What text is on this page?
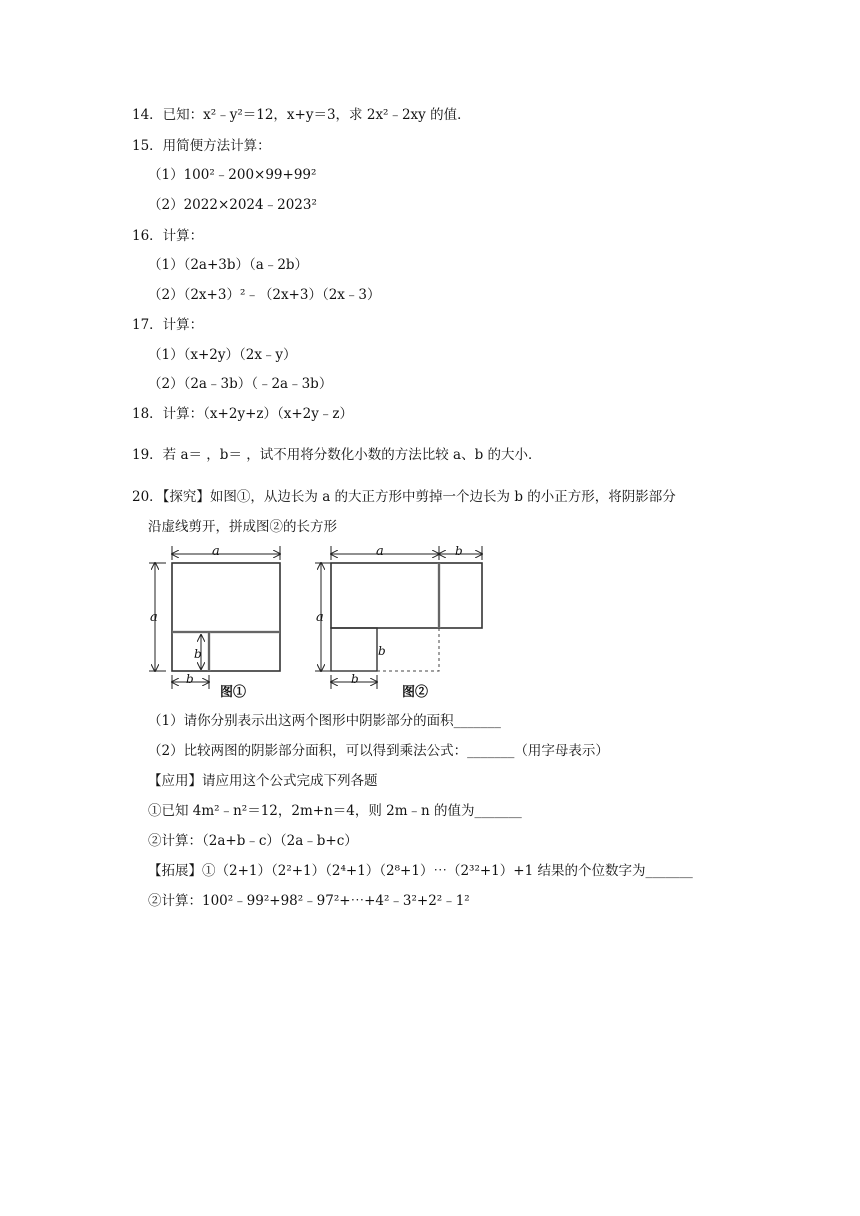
14．已知：x²﹣y²＝12，x+y＝3，求 2x²﹣2xy 的值．
15．用简便方法计算：
（1）100²﹣200×99+99²
（2）2022×2024﹣2023²
16．计算：
（1）（2a+3b）（a﹣2b）
（2）（2x+3）²﹣（2x+3）（2x﹣3）
17．计算：
（1）（x+2y）（2x﹣y）
（2）（2a﹣3b）（﹣2a﹣3b）
18．计算：（x+2y+z）（x+2y﹣z）
19．若 a＝ ，b＝ ，试不用将分数化小数的方法比较 a、b 的大小．
20．【探究】如图①，从边长为 a 的大正方形中剪掉一个边长为 b 的小正方形，将阴影部分
沿虚线剪开，拼成图②的长方形
a
a
b
b
图①
a	b
a
b
b
图②
（1）请你分别表示出这两个图形中阴影部分的面积_______
（2）比较两图的阴影部分面积，可以得到乘法公式：_______（用字母表示）
【应用】请应用这个公式完成下列各题
①已知 4m²﹣n²＝12，2m+n＝4，则 2m﹣n 的值为_______
②计算：（2a+b﹣c）（2a﹣b+c）
【拓展】①（2+1）（2²+1）（2⁴+1）（2⁸+1）⋯（2³²+1）+1 结果的个位数字为_______
②计算：100²﹣99²+98²﹣97²+⋯+4²﹣3²+2²﹣1²
